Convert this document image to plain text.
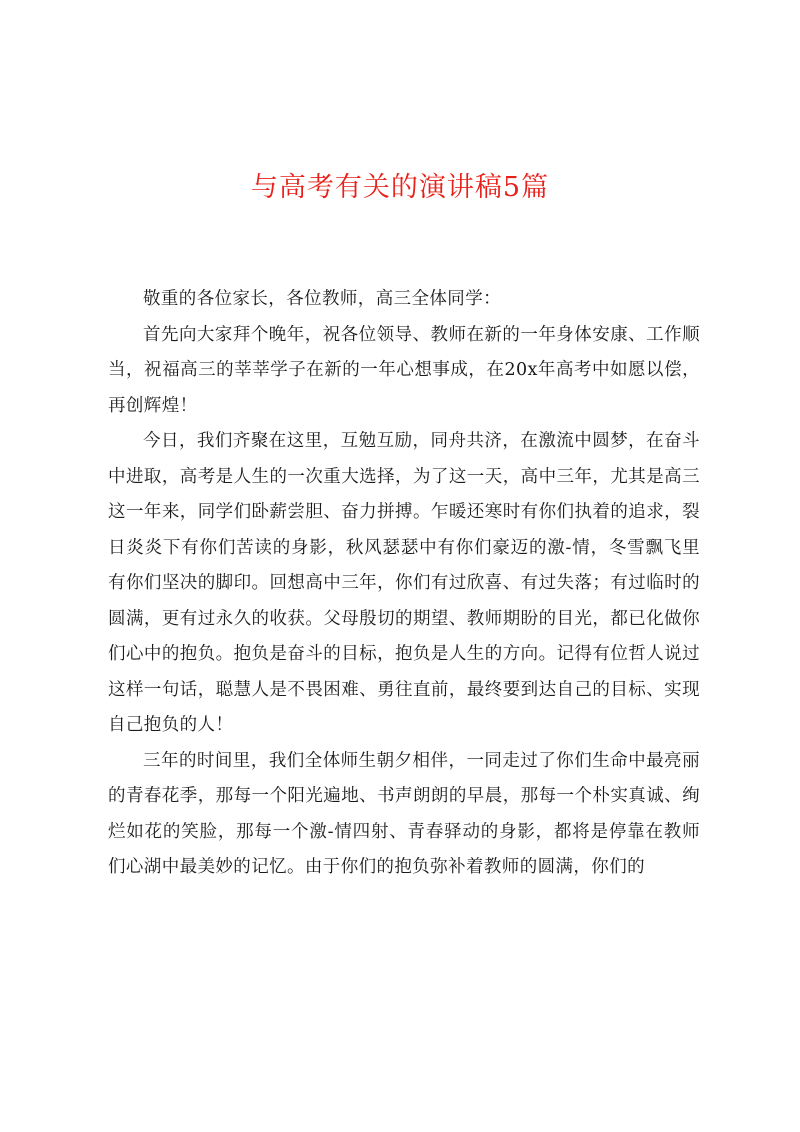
与高考有关的演讲稿5篇

敬重的各位家长，各位教师，高三全体同学：

首先向大家拜个晚年，祝各位领导、教师在新的一年身体安康、工作顺当，祝福高三的莘莘学子在新的一年心想事成，在20x年高考中如愿以偿，再创辉煌！

今日，我们齐聚在这里，互勉互励，同舟共济，在激流中圆梦，在奋斗中进取，高考是人生的一次重大选择，为了这一天，高中三年，尤其是高三这一年来，同学们卧薪尝胆、奋力拼搏。乍暖还寒时有你们执着的追求，裂日炎炎下有你们苦读的身影，秋风瑟瑟中有你们豪迈的激-情，冬雪飘飞里有你们坚决的脚印。回想高中三年，你们有过欣喜、有过失落；有过临时的圆满，更有过永久的收获。父母殷切的期望、教师期盼的目光，都已化做你们心中的抱负。抱负是奋斗的目标，抱负是人生的方向。记得有位哲人说过这样一句话，聪慧人是不畏困难、勇往直前，最终要到达自己的目标、实现自己抱负的人！

三年的时间里，我们全体师生朝夕相伴，一同走过了你们生命中最亮丽的青春花季，那每一个阳光遍地、书声朗朗的早晨，那每一个朴实真诚、绚烂如花的笑脸，那每一个激-情四射、青春驿动的身影，都将是停靠在教师们心湖中最美妙的记忆。由于你们的抱负弥补着教师的圆满，你们的
